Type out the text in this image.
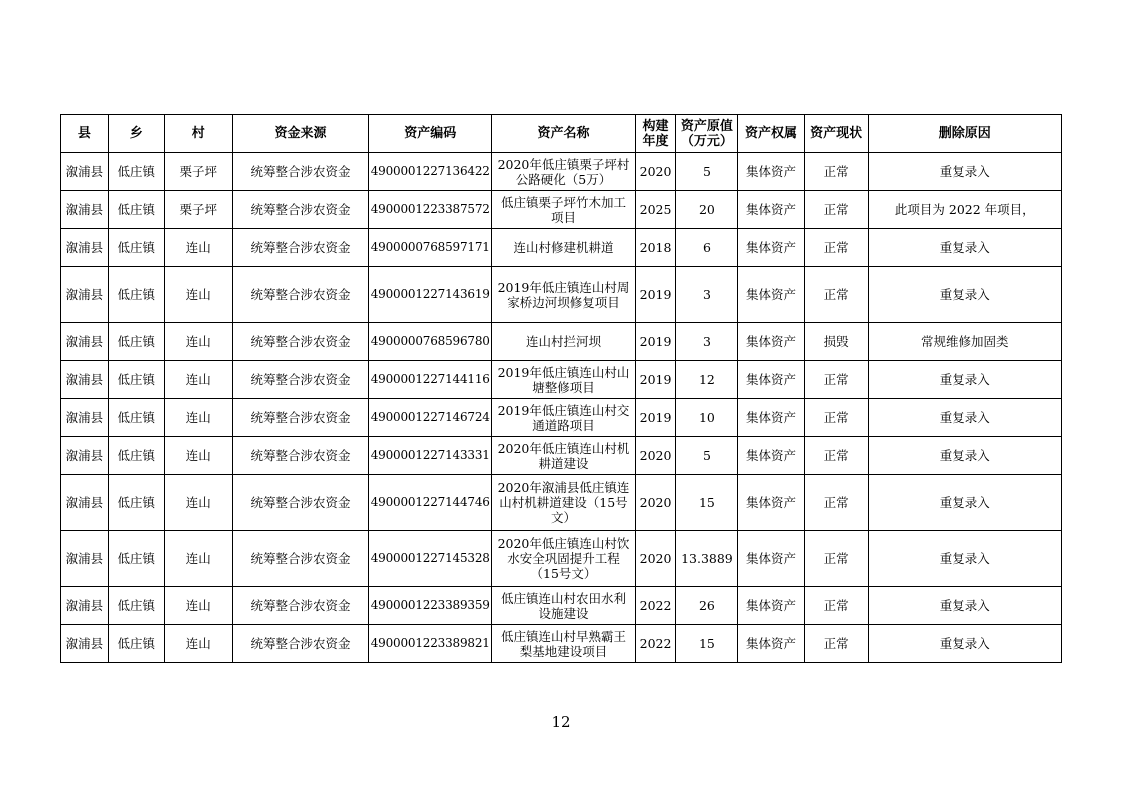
县	乡	村	资金来源	资产编码	资产名称	构建年度	资产原值（万元）	资产权属	资产现状	删除原因
溆浦县	低庄镇	栗子坪	统筹整合涉农资金	4900001227136422	2020年低庄镇栗子坪村公路硬化（5万）	2020	5	集体资产	正常	重复录入
溆浦县	低庄镇	栗子坪	统筹整合涉农资金	4900001223387572	低庄镇栗子坪竹木加工项目	2025	20	集体资产	正常	此项目为 2022 年项目，
溆浦县	低庄镇	连山	统筹整合涉农资金	4900000768597171	连山村修建机耕道	2018	6	集体资产	正常	重复录入
溆浦县	低庄镇	连山	统筹整合涉农资金	4900001227143619	2019年低庄镇连山村周家桥边河坝修复项目	2019	3	集体资产	正常	重复录入
溆浦县	低庄镇	连山	统筹整合涉农资金	4900000768596780	连山村拦河坝	2019	3	集体资产	损毁	常规维修加固类
溆浦县	低庄镇	连山	统筹整合涉农资金	4900001227144116	2019年低庄镇连山村山塘整修项目	2019	12	集体资产	正常	重复录入
溆浦县	低庄镇	连山	统筹整合涉农资金	4900001227146724	2019年低庄镇连山村交通道路项目	2019	10	集体资产	正常	重复录入
溆浦县	低庄镇	连山	统筹整合涉农资金	4900001227143331	2020年低庄镇连山村机耕道建设	2020	5	集体资产	正常	重复录入
溆浦县	低庄镇	连山	统筹整合涉农资金	4900001227144746	2020年溆浦县低庄镇连山村机耕道建设（15号文）	2020	15	集体资产	正常	重复录入
溆浦县	低庄镇	连山	统筹整合涉农资金	4900001227145328	2020年低庄镇连山村饮水安全巩固提升工程（15号文）	2020	13.3889	集体资产	正常	重复录入
溆浦县	低庄镇	连山	统筹整合涉农资金	4900001223389359	低庄镇连山村农田水利设施建设	2022	26	集体资产	正常	重复录入
溆浦县	低庄镇	连山	统筹整合涉农资金	4900001223389821	低庄镇连山村早熟霸王梨基地建设项目	2022	15	集体资产	正常	重复录入
12
